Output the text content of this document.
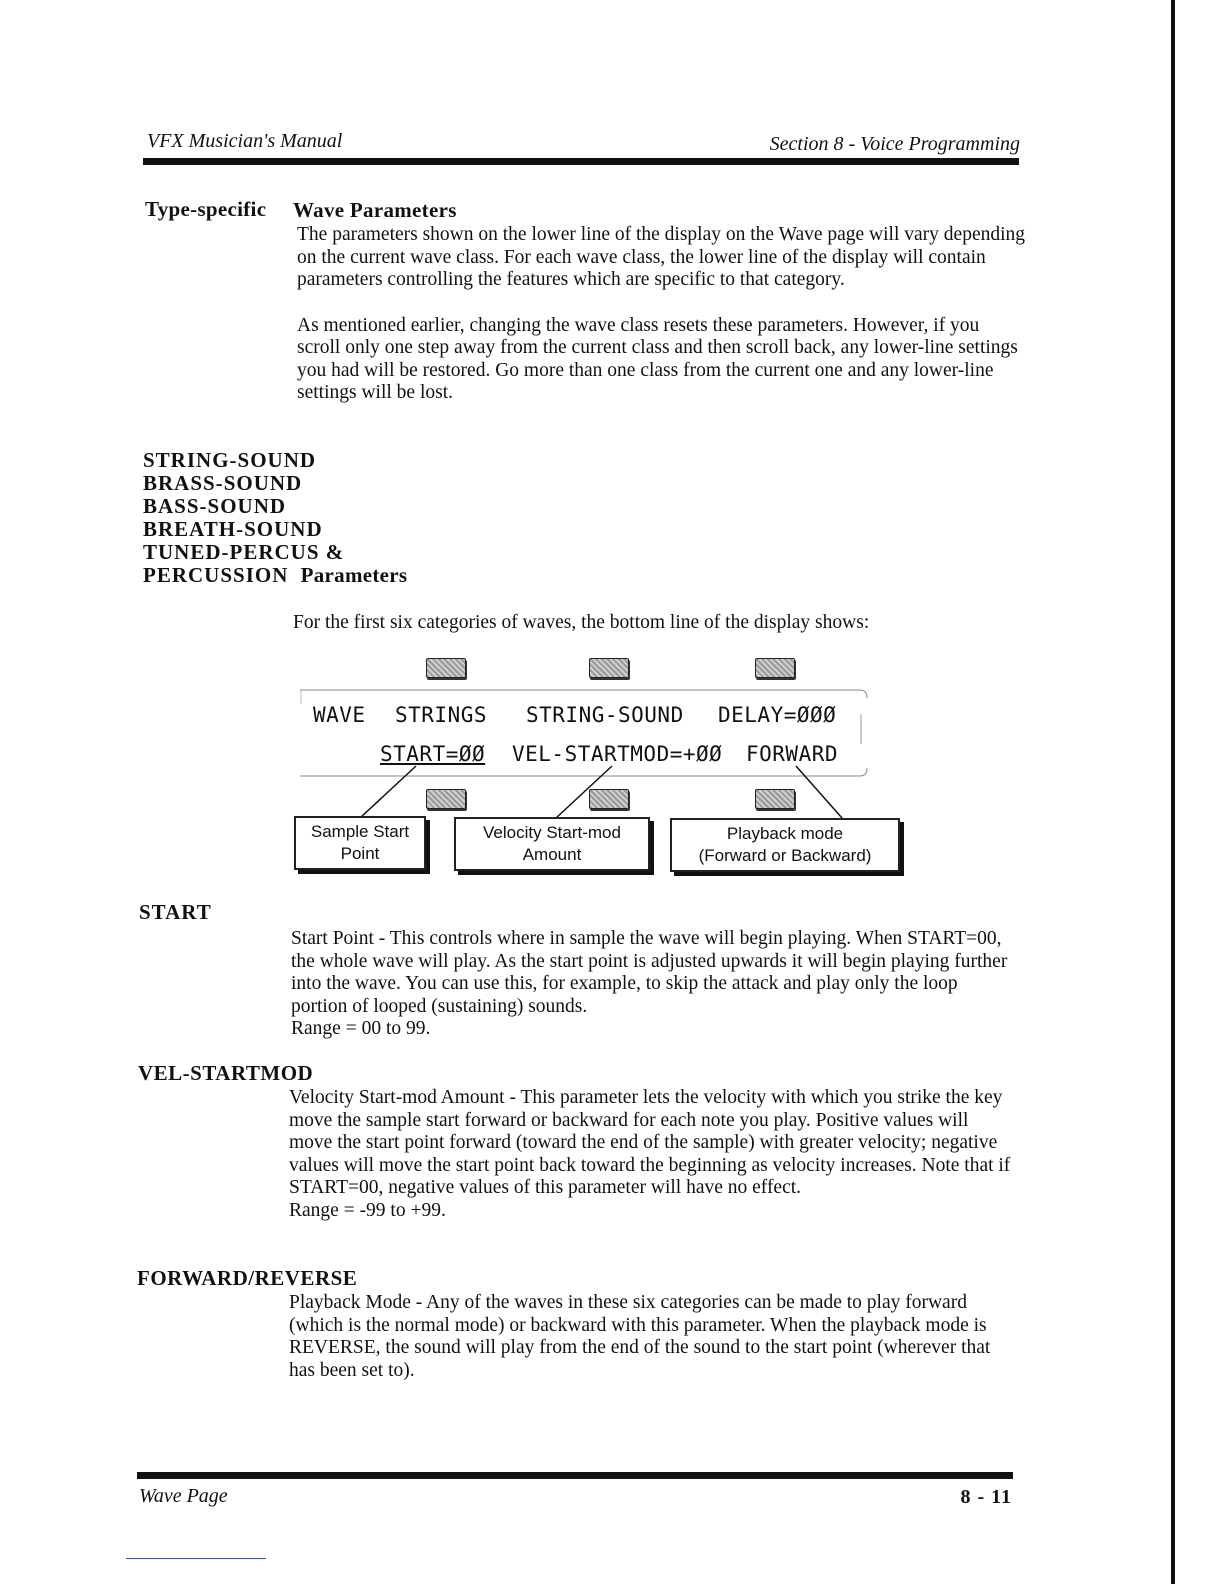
VFX Musician's Manual	Section 8 - Voice Programming
Type-specific Wave Parameters

The parameters shown on the lower line of the display on the Wave page will vary depending on the current wave class. For each wave class, the lower line of the display will contain parameters controlling the features which are specific to that category.

As mentioned earlier, changing the wave class resets these parameters. However, if you scroll only one step away from the current class and then scroll back, any lower-line settings you had will be restored. Go more than one class from the current one and any lower-line settings will be lost.

STRING-SOUND
BRASS-SOUND
BASS-SOUND
BREATH-SOUND
TUNED-PERCUS &
PERCUSSION Parameters
For the first six categories of waves, the bottom line of the display shows:
WAVE STRINGS STRING-SOUND DELAY=ØØØ
START=ØØ VEL-STARTMOD=+ØØ FORWARD
Sample Start
Point
Velocity Start-mod
Amount
Playback mode
(Forward or Backward)
START

Start Point - This controls where in sample the wave will begin playing. When START=00, the whole wave will play. As the start point is adjusted upwards it will begin playing further into the wave. You can use this, for example, to skip the attack and play only the loop portion of looped (sustaining) sounds.

Range = 00 to 99.

VEL-STARTMOD

Velocity Start-mod Amount - This parameter lets the velocity with which you strike the key move the sample start forward or backward for each note you play. Positive values will move the start point forward (toward the end of the sample) with greater velocity; negative values will move the start point back toward the beginning as velocity increases. Note that if START=00, negative values of this parameter will have no effect.

Range = -99 to +99.

FORWARD/REVERSE

Playback Mode - Any of the waves in these six categories can be made to play forward (which is the normal mode) or backward with this parameter. When the playback mode is REVERSE, the sound will play from the end of the sound to the start point (wherever that has been set to).

Wave Page	8 - 11
